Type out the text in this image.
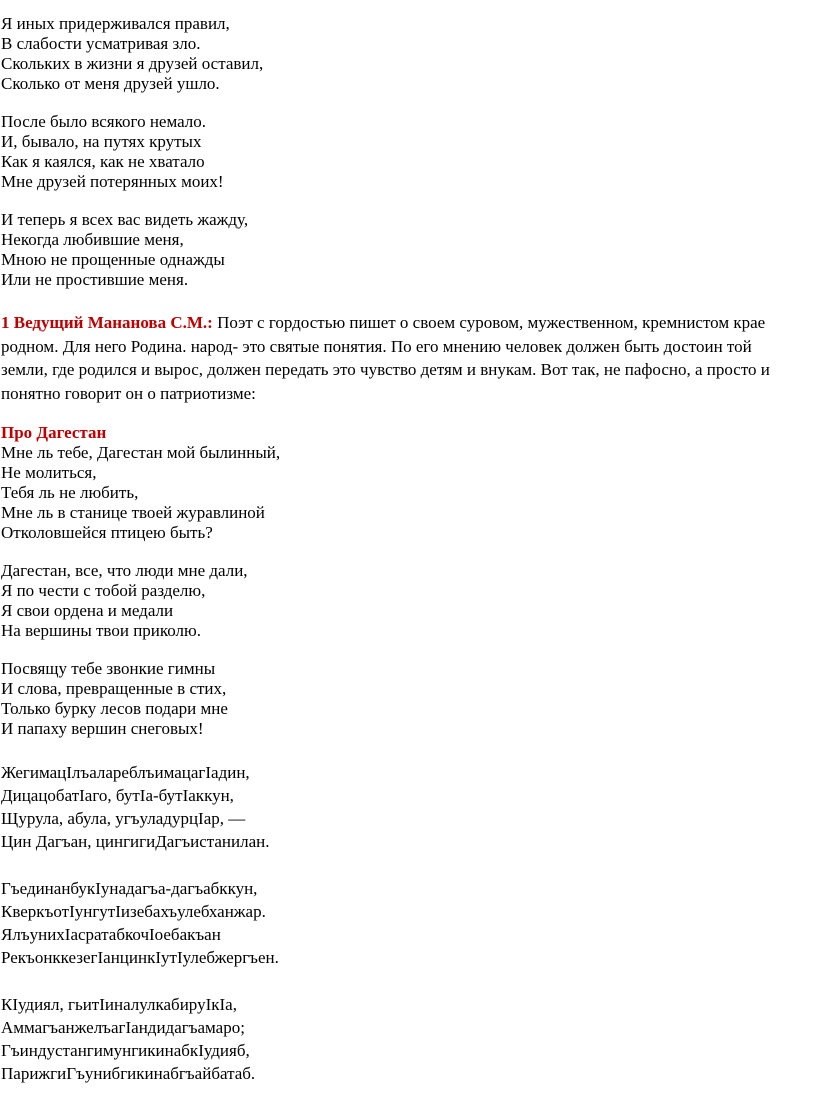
Я иных придерживался правил,
В слабости усматривая зло.
Скольких в жизни я друзей оставил,
Сколько от меня друзей ушло.
После было всякого немало.
И, бывало, на путях крутых
Как я каялся, как не хватало
Мне друзей потерянных моих!
И теперь я всех вас видеть жажду,
Некогда любившие меня,
Мною не прощенные однажды
Или не простившие меня.
1 Ведущий Мананова С.М.: Поэт с гордостью пишет о своем суровом, мужественном, кремнистом крае родном. Для него Родина. народ- это святые понятия. По его мнению человек должен быть достоин той земли, где родился и вырос, должен передать это чувство детям и внукам. Вот так, не пафосно, а просто и понятно говорит он о патриотизме:
Про Дагестан
Мне ль тебе, Дагестан мой былинный,
Не молиться,
Тебя ль не любить,
Мне ль в станице твоей журавлиной
Отколовшейся птицею быть?
Дагестан, все, что люди мне дали,
Я по чести с тобой разделю,
Я свои ордена и медали
На вершины твои приколю.
Посвящу тебе звонкие гимны
И слова, превращенные в стих,
Только бурку лесов подари мне
И папаху вершин снеговых!
ЖегимацIлъалареблъимацагIадин,
ДицацобатIаго, бутIа-бутIаккун,
Щурула, абула, угъуладурцIар, —
Цин Дагъан, цингигиДагъистанилан.
ГъединанбукIунадагъа-дагъабккун,
КверкъотIунгутIизебахъулебханжар.
ЯлъунихIасратабкочIоебакъан
РекъонккезегIанцинкIутIулебжергъен.
КIудиял, гьитIиналулкабируIкIа,
АммагъанжелъагIандидагъамаро;
ГъиндустангимунгикинабкIудияб,
ПарижгиГъунибгикинабгъайбатаб.
